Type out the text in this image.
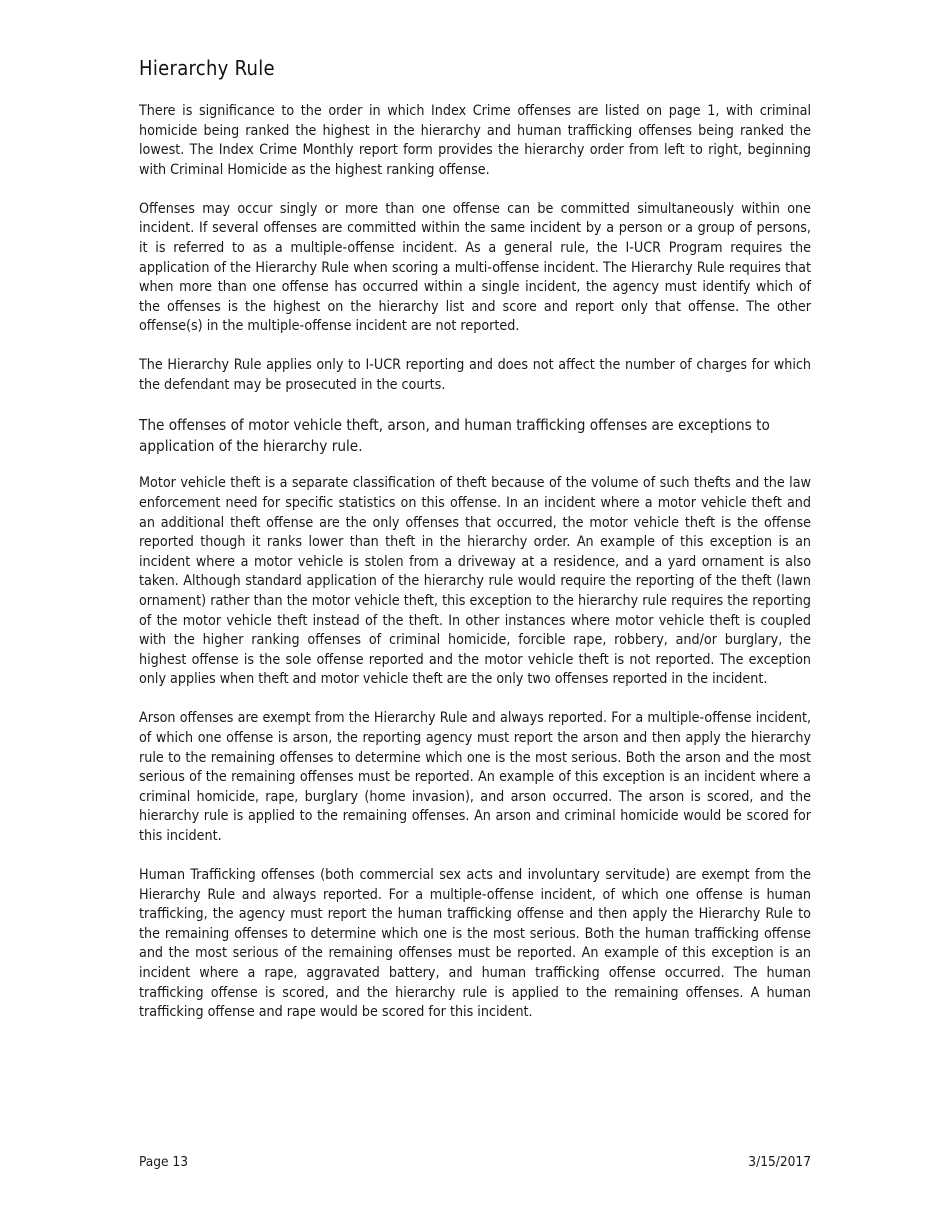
Hierarchy Rule

There is significance to the order in which Index Crime offenses are listed on page 1, with criminal homicide being ranked the highest in the hierarchy and human trafficking offenses being ranked the lowest. The Index Crime Monthly report form provides the hierarchy order from left to right, beginning with Criminal Homicide as the highest ranking offense.

Offenses may occur singly or more than one offense can be committed simultaneously within one incident. If several offenses are committed within the same incident by a person or a group of persons, it is referred to as a multiple-offense incident. As a general rule, the I-UCR Program requires the application of the Hierarchy Rule when scoring a multi-offense incident. The Hierarchy Rule requires that when more than one offense has occurred within a single incident, the agency must identify which of the offenses is the highest on the hierarchy list and score and report only that offense. The other offense(s) in the multiple-offense incident are not reported.

The Hierarchy Rule applies only to I-UCR reporting and does not affect the number of charges for which the defendant may be prosecuted in the courts.

The offenses of motor vehicle theft, arson, and human trafficking offenses are exceptions to application of the hierarchy rule.

Motor vehicle theft is a separate classification of theft because of the volume of such thefts and the law enforcement need for specific statistics on this offense. In an incident where a motor vehicle theft and an additional theft offense are the only offenses that occurred, the motor vehicle theft is the offense reported though it ranks lower than theft in the hierarchy order. An example of this exception is an incident where a motor vehicle is stolen from a driveway at a residence, and a yard ornament is also taken. Although standard application of the hierarchy rule would require the reporting of the theft (lawn ornament) rather than the motor vehicle theft, this exception to the hierarchy rule requires the reporting of the motor vehicle theft instead of the theft. In other instances where motor vehicle theft is coupled with the higher ranking offenses of criminal homicide, forcible rape, robbery, and/or burglary, the highest offense is the sole offense reported and the motor vehicle theft is not reported. The exception only applies when theft and motor vehicle theft are the only two offenses reported in the incident.

Arson offenses are exempt from the Hierarchy Rule and always reported. For a multiple-offense incident, of which one offense is arson, the reporting agency must report the arson and then apply the hierarchy rule to the remaining offenses to determine which one is the most serious. Both the arson and the most serious of the remaining offenses must be reported. An example of this exception is an incident where a criminal homicide, rape, burglary (home invasion), and arson occurred. The arson is scored, and the hierarchy rule is applied to the remaining offenses. An arson and criminal homicide would be scored for this incident.

Human Trafficking offenses (both commercial sex acts and involuntary servitude) are exempt from the Hierarchy Rule and always reported. For a multiple-offense incident, of which one offense is human trafficking, the agency must report the human trafficking offense and then apply the Hierarchy Rule to the remaining offenses to determine which one is the most serious. Both the human trafficking offense and the most serious of the remaining offenses must be reported. An example of this exception is an incident where a rape, aggravated battery, and human trafficking offense occurred. The human trafficking offense is scored, and the hierarchy rule is applied to the remaining offenses. A human trafficking offense and rape would be scored for this incident.

Page 13	3/15/2017
